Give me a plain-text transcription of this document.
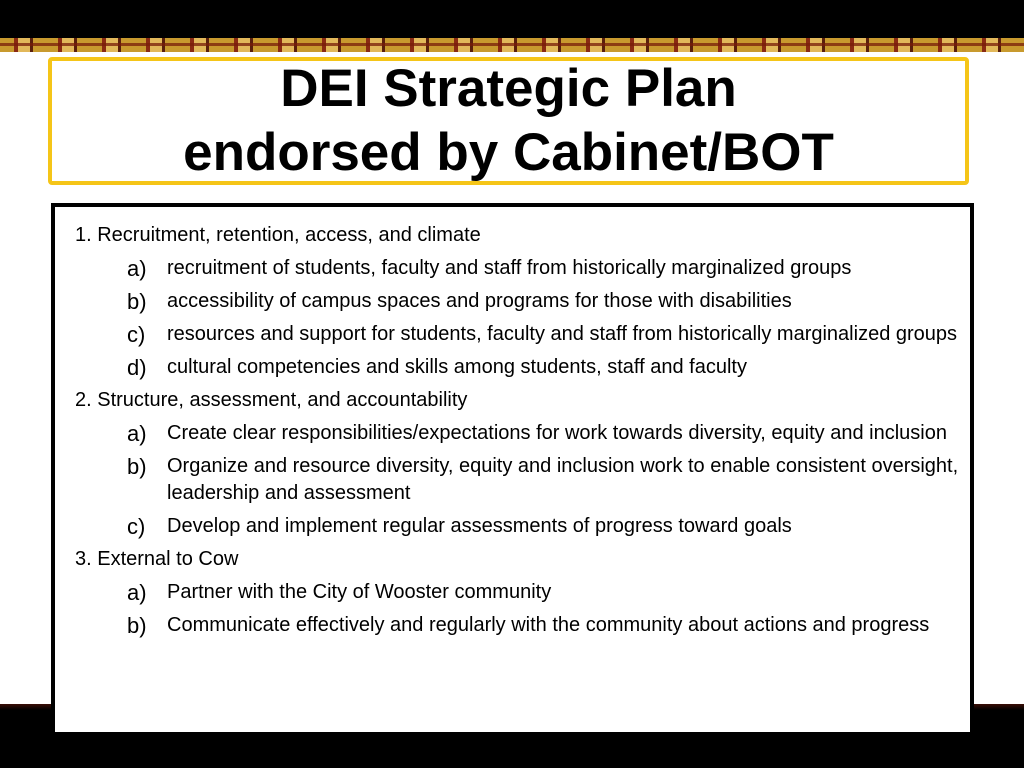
DEI Strategic Plan
endorsed by Cabinet/BOT
1. Recruitment, retention, access, and climate
a)	recruitment of students, faculty and staff from historically marginalized groups
b)	accessibility of campus spaces and programs for those with disabilities
c)	resources and support for students, faculty and staff from historically marginalized groups
d)	cultural competencies and skills among students, staff and faculty
2. Structure, assessment, and accountability
a)	Create clear responsibilities/expectations for work towards diversity, equity and inclusion
b)	Organize and resource diversity, equity and inclusion work to enable consistent oversight, leadership and assessment
c)	Develop and implement regular assessments of progress toward goals
3. External to Cow
a)	Partner with the City of Wooster community
b)	Communicate effectively and regularly with the community about actions and progress
